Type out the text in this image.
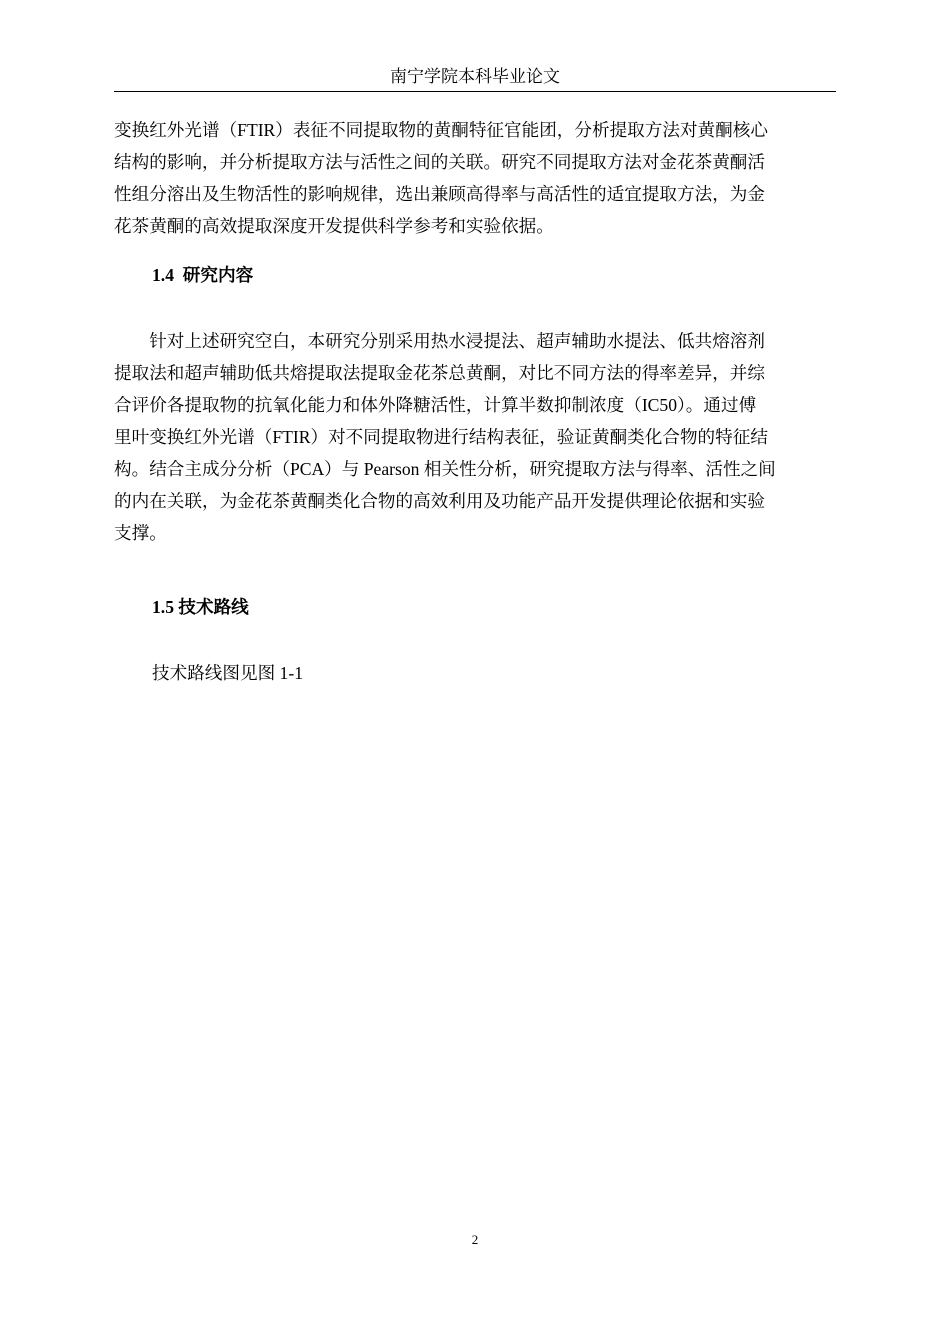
南宁学院本科毕业论文

变换红外光谱（FTIR）表征不同提取物的黄酮特征官能团，分析提取方法对黄酮核心
结构的影响，并分析提取方法与活性之间的关联。研究不同提取方法对金花茶黄酮活
性组分溶出及生物活性的影响规律，选出兼顾高得率与高活性的适宜提取方法，为金
花茶黄酮的高效提取深度开发提供科学参考和实验依据。

1.4  研究内容

　　针对上述研究空白，本研究分别采用热水浸提法、超声辅助水提法、低共熔溶剂
提取法和超声辅助低共熔提取法提取金花茶总黄酮，对比不同方法的得率差异，并综
合评价各提取物的抗氧化能力和体外降糖活性，计算半数抑制浓度（IC50）。通过傅
里叶变换红外光谱（FTIR）对不同提取物进行结构表征，验证黄酮类化合物的特征结
构。结合主成分分析（PCA）与 Pearson 相关性分析，研究提取方法与得率、活性之间
的内在关联，为金花茶黄酮类化合物的高效利用及功能产品开发提供理论依据和实验
支撑。

1.5 技术路线

技术路线图见图 1-1

2
